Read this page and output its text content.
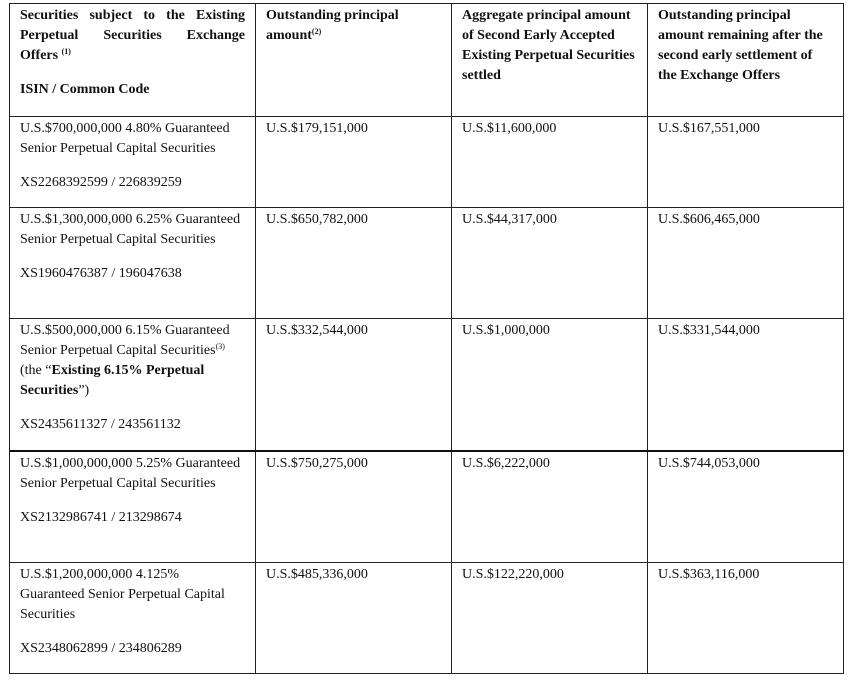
Securities subject to the Existing
Perpetual Securities Exchange
Offers $^{(1)}$
ISIN / Common Code	Outstanding principal amount$^{(2)}$	Aggregate principal amount of Second Early Accepted Existing Perpetual Securities settled	Outstanding principal amount remaining after the second early settlement of the Exchange Offers

U.S.$700,000,000 4.80% Guaranteed Senior Perpetual Capital Securities
XS2268392599 / 226839259	U.S.$179,151,000	U.S.$11,600,000	U.S.$167,551,000

U.S.$1,300,000,000 6.25% Guaranteed Senior Perpetual Capital Securities
XS1960476387 / 196047638	U.S.$650,782,000	U.S.$44,317,000	U.S.$606,465,000

U.S.$500,000,000 6.15% Guaranteed Senior Perpetual Capital Securities$^{(3)}$ (the “Existing 6.15% Perpetual Securities”)
XS2435611327 / 243561132	U.S.$332,544,000	U.S.$1,000,000	U.S.$331,544,000

U.S.$1,000,000,000 5.25% Guaranteed Senior Perpetual Capital Securities
XS2132986741 / 213298674	U.S.$750,275,000	U.S.$6,222,000	U.S.$744,053,000

U.S.$1,200,000,000 4.125% Guaranteed Senior Perpetual Capital Securities
XS2348062899 / 234806289	U.S.$485,336,000	U.S.$122,220,000	U.S.$363,116,000
